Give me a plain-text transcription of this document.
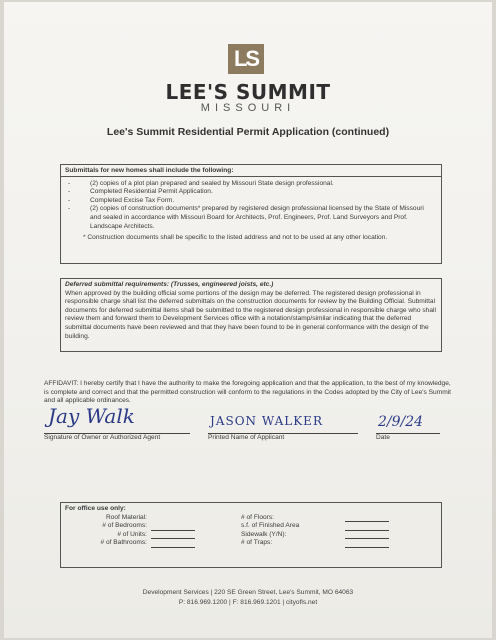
LS
LEE'S SUMMIT
MISSOURI
Lee's Summit Residential Permit Application (continued)
Submittals for new homes shall include the following:
-	(2) copies of a plot plan prepared and sealed by Missouri State design professional.
-	Completed Residential Permit Application.
-	Completed Excise Tax Form.
-	(2) copies of construction documents* prepared by registered design professional licensed by the State of Missouri and sealed in accordance with Missouri Board for Architects, Prof. Engineers, Prof. Land Surveyors and Prof. Landscape Architects.
* Construction documents shall be specific to the listed address and not to be used at any other location.
Deferred submittal requirements: (Trusses, engineered joists, etc.)
When approved by the building official some portions of the design may be deferred. The registered design professional in responsible charge shall list the deferred submittals on the construction documents for review by the Building Official. Submittal documents for deferred submittal items shall be submitted to the registered design professional in responsible charge who shall review them and forward them to Development Services office with a notation/stamp/similar indicating that the deferred submittal documents have been reviewed and that they have been found to be in general conformance with the design of the building.
AFFIDAVIT: I hereby certify that I have the authority to make the foregoing application and that the application, to the best of my knowledge, is complete and correct and that the permitted construction will conform to the regulations in the Codes adopted by the City of Lee's Summit and all applicable ordinances.
Jay Walk
Signature of Owner or Authorized Agent
JASON WALKER
Printed Name of Applicant
2/9/24
Date
For office use only:
Roof Material:
# of Bedrooms:
# of Units:
# of Bathrooms:
# of Floors:
s.f. of Finished Area
Sidewalk (Y/N):
# of Traps:
Development Services | 220 SE Green Street, Lee's Summit, MO 64063
P: 816.969.1200 | F: 816.969.1201 | cityofls.net
